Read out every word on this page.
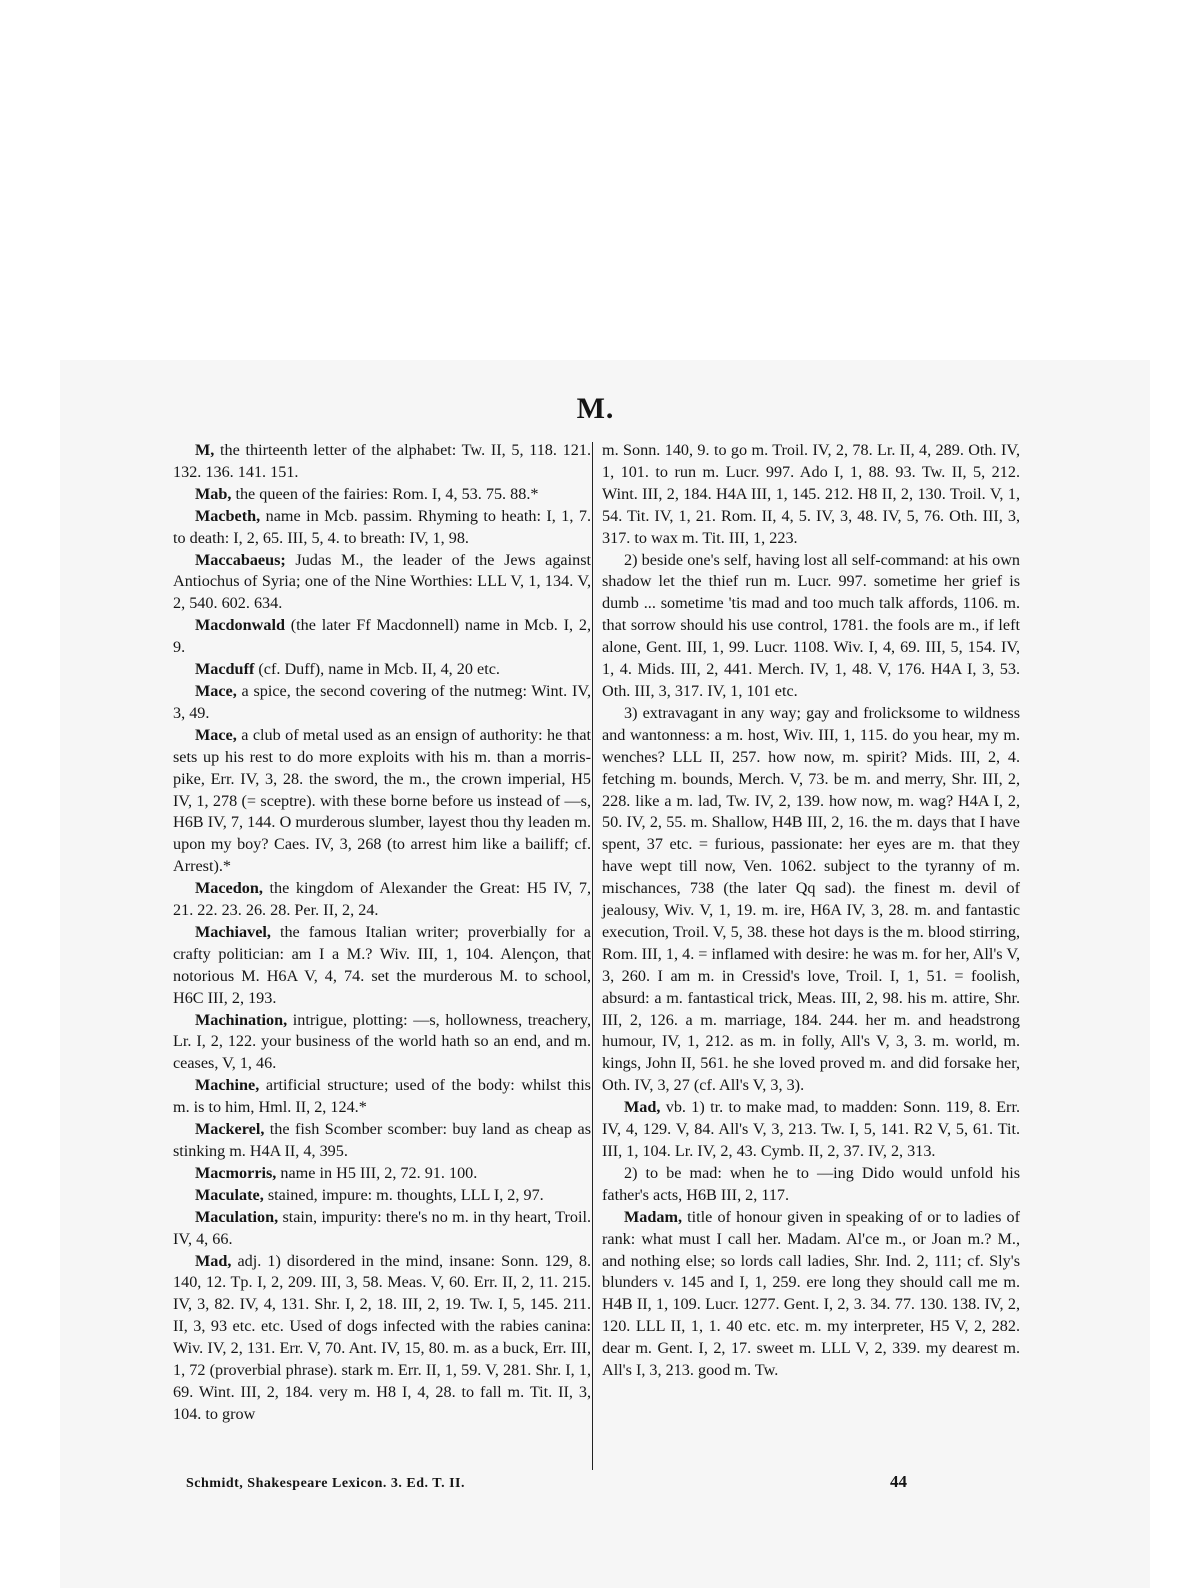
M.

M, the thirteenth letter of the alphabet: Tw. II, 5, 118. 121. 132. 136. 141. 151.

Mab, the queen of the fairies: Rom. I, 4, 53. 75. 88.*

Macbeth, name in Mcb. passim. Rhyming to heath: I, 1, 7. to death: I, 2, 65. III, 5, 4. to breath: IV, 1, 98.

Maccabaeus; Judas M., the leader of the Jews against Antiochus of Syria; one of the Nine Worthies: LLL V, 1, 134. V, 2, 540. 602. 634.

Macdonwald (the later Ff Macdonnell) name in Mcb. I, 2, 9.

Macduff (cf. Duff), name in Mcb. II, 4, 20 etc.

Mace, a spice, the second covering of the nutmeg: Wint. IV, 3, 49.

Mace, a club of metal used as an ensign of authority: he that sets up his rest to do more exploits with his m. than a morris-pike, Err. IV, 3, 28. the sword, the m., the crown imperial, H5 IV, 1, 278 (= sceptre). with these borne before us instead of —s, H6B IV, 7, 144. O murderous slumber, layest thou thy leaden m. upon my boy? Caes. IV, 3, 268 (to arrest him like a bailiff; cf. Arrest).*

Macedon, the kingdom of Alexander the Great: H5 IV, 7, 21. 22. 23. 26. 28. Per. II, 2, 24.

Machiavel, the famous Italian writer; proverbially for a crafty politician: am I a M.? Wiv. III, 1, 104. Alençon, that notorious M. H6A V, 4, 74. set the murderous M. to school, H6C III, 2, 193.

Machination, intrigue, plotting: —s, hollowness, treachery, Lr. I, 2, 122. your business of the world hath so an end, and m. ceases, V, 1, 46.

Machine, artificial structure; used of the body: whilst this m. is to him, Hml. II, 2, 124.*

Mackerel, the fish Scomber scomber: buy land as cheap as stinking m. H4A II, 4, 395.

Macmorris, name in H5 III, 2, 72. 91. 100.

Maculate, stained, impure: m. thoughts, LLL I, 2, 97.

Maculation, stain, impurity: there's no m. in thy heart, Troil. IV, 4, 66.

Mad, adj. 1) disordered in the mind, insane: Sonn. 129, 8. 140, 12. Tp. I, 2, 209. III, 3, 58. Meas. V, 60. Err. II, 2, 11. 215. IV, 3, 82. IV, 4, 131. Shr. I, 2, 18. III, 2, 19. Tw. I, 5, 145. 211. II, 3, 93 etc. etc. Used of dogs infected with the rabies canina: Wiv. IV, 2, 131. Err. V, 70. Ant. IV, 15, 80. m. as a buck, Err. III, 1, 72 (proverbial phrase). stark m. Err. II, 1, 59. V, 281. Shr. I, 1, 69. Wint. III, 2, 184. very m. H8 I, 4, 28. to fall m. Tit. II, 3, 104. to grow

m. Sonn. 140, 9. to go m. Troil. IV, 2, 78. Lr. II, 4, 289. Oth. IV, 1, 101. to run m. Lucr. 997. Ado I, 1, 88. 93. Tw. II, 5, 212. Wint. III, 2, 184. H4A III, 1, 145. 212. H8 II, 2, 130. Troil. V, 1, 54. Tit. IV, 1, 21. Rom. II, 4, 5. IV, 3, 48. IV, 5, 76. Oth. III, 3, 317. to wax m. Tit. III, 1, 223.

2) beside one's self, having lost all self-command: at his own shadow let the thief run m. Lucr. 997. sometime her grief is dumb ... sometime 'tis mad and too much talk affords, 1106. m. that sorrow should his use control, 1781. the fools are m., if left alone, Gent. III, 1, 99. Lucr. 1108. Wiv. I, 4, 69. III, 5, 154. IV, 1, 4. Mids. III, 2, 441. Merch. IV, 1, 48. V, 176. H4A I, 3, 53. Oth. III, 3, 317. IV, 1, 101 etc.

3) extravagant in any way; gay and frolicksome to wildness and wantonness: a m. host, Wiv. III, 1, 115. do you hear, my m. wenches? LLL II, 257. how now, m. spirit? Mids. III, 2, 4. fetching m. bounds, Merch. V, 73. be m. and merry, Shr. III, 2, 228. like a m. lad, Tw. IV, 2, 139. how now, m. wag? H4A I, 2, 50. IV, 2, 55. m. Shallow, H4B III, 2, 16. the m. days that I have spent, 37 etc. = furious, passionate: her eyes are m. that they have wept till now, Ven. 1062. subject to the tyranny of m. mischances, 738 (the later Qq sad). the finest m. devil of jealousy, Wiv. V, 1, 19. m. ire, H6A IV, 3, 28. m. and fantastic execution, Troil. V, 5, 38. these hot days is the m. blood stirring, Rom. III, 1, 4. = inflamed with desire: he was m. for her, All's V, 3, 260. I am m. in Cressid's love, Troil. I, 1, 51. = foolish, absurd: a m. fantastical trick, Meas. III, 2, 98. his m. attire, Shr. III, 2, 126. a m. marriage, 184. 244. her m. and headstrong humour, IV, 1, 212. as m. in folly, All's V, 3, 3. m. world, m. kings, John II, 561. he she loved proved m. and did forsake her, Oth. IV, 3, 27 (cf. All's V, 3, 3).

Mad, vb. 1) tr. to make mad, to madden: Sonn. 119, 8. Err. IV, 4, 129. V, 84. All's V, 3, 213. Tw. I, 5, 141. R2 V, 5, 61. Tit. III, 1, 104. Lr. IV, 2, 43. Cymb. II, 2, 37. IV, 2, 313.

2) to be mad: when he to —ing Dido would unfold his father's acts, H6B III, 2, 117.

Madam, title of honour given in speaking of or to ladies of rank: what must I call her. Madam. Al'ce m., or Joan m.? M., and nothing else; so lords call ladies, Shr. Ind. 2, 111; cf. Sly's blunders v. 145 and I, 1, 259. ere long they should call me m. H4B II, 1, 109. Lucr. 1277. Gent. I, 2, 3. 34. 77. 130. 138. IV, 2, 120. LLL II, 1, 1. 40 etc. etc. m. my interpreter, H5 V, 2, 282. dear m. Gent. I, 2, 17. sweet m. LLL V, 2, 339. my dearest m. All's I, 3, 213. good m. Tw.

Schmidt, Shakespeare Lexicon. 3. Ed. T. II.	44
